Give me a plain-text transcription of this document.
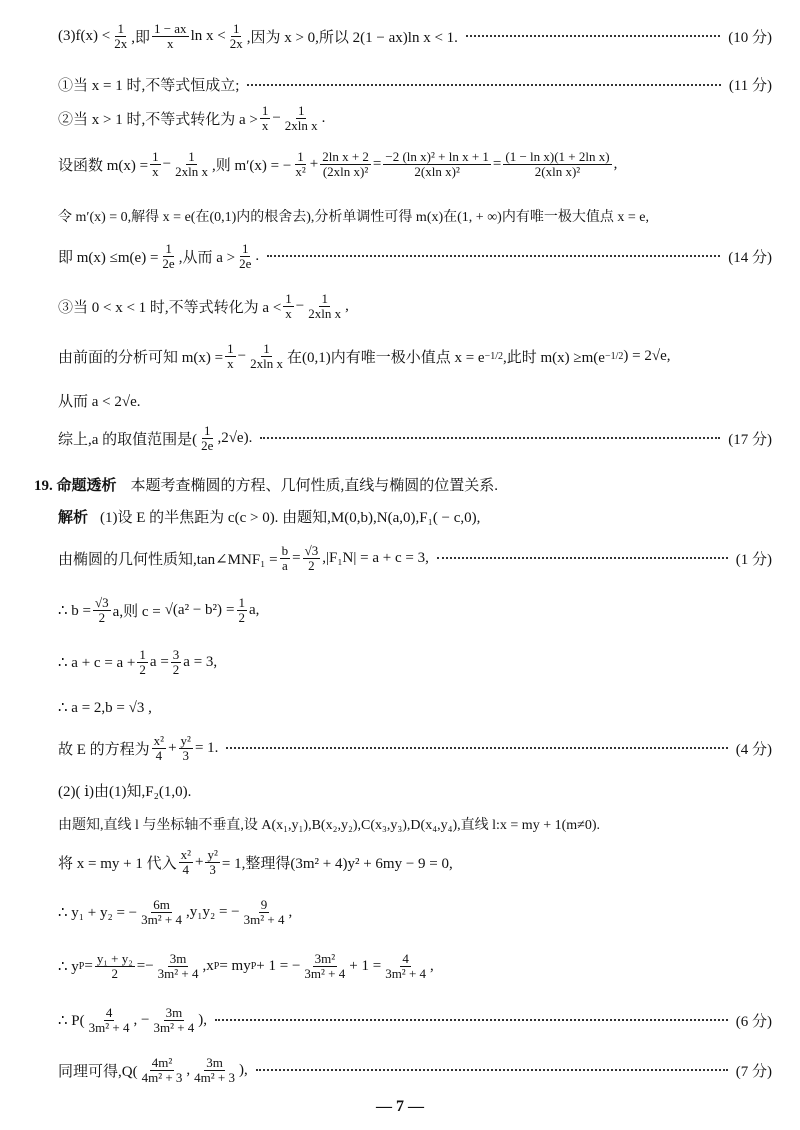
$(3)f(x) < \frac{1}{2x}$ ,即 $\frac{1 - ax}{x}$ $\ln x < \frac{1}{2x}$ ,因为 x > 0,所以 2(1 − ax)ln x < 1.	(10 分)
①当 x = 1 时,不等式恒成立;	(11 分)
②当 x > 1 时,不等式转化为 $a > \frac{1}{x} - \frac{1}{\text{2xln x}}$ .
设函数 $m(x) = \frac{1}{x} - \frac{1}{\text{2xln x}}$ ,则 m′(x) = − $\frac{1}{\text{x²}} + \frac{\text{2ln x + 2}}{\text{(2xln x)²}} = \frac{\text{−2 (ln x)² + ln x + 1}}{\text{2(xln x)²}} = \frac{\text{(1 − ln x)(1 + 2ln x)}}{\text{2(xln x)²}}$ ,
令 m′(x) = 0,解得 x = e(在(0,1)内的根舍去),分析单调性可得 m(x)在(1, + ∞)内有唯一极大值点 x = e,
即 $m(x) \le m(e) = \frac{1}{2e}$ ,从而 $a > \frac{1}{2e}$ .	(14 分)
③当 0 < x < 1 时,不等式转化为 $a < \frac{1}{x} - \frac{1}{\text{2xln x}}$ ,
由前面的分析可知 $m(x) = \frac{1}{x} - \frac{1}{\text{2xln x}}$ 在(0,1)内有唯一极小值点 x = e −1/2 ,此时 m(x) ≥m(e −1/2 ) = 2√e,
从而 a < 2√e.
综上,a 的取值范围是( $\frac{1}{2e} ,2√e$).	(17 分)
19. 命题透析 本题考查椭圆的方程、几何性质,直线与椭圆的位置关系.
解析 (1)设 E 的半焦距为 c(c > 0). 由题知,M(0,b),N(a,0),F₁( − c,0),
由椭圆的几何性质知,tan∠MNF₁ = $\frac{b}{a} = \frac{√3}{2} ,|F_1N| = a + c = 3$,	(1 分)
∴ $b = \frac{√3}{2} a$,则 $c = √(a^2 - b^2) = \frac{1}{2} a$,
∴ $a + c = a + \frac{1}{2}$ $a = \frac{3}{2}$ a = 3,
∴ a = 2,b = √3 ,
故 E 的方程为 $\frac{\text{x²}}{4} + \frac{\text{y²}}{3} = 1$.	(4 分)
(2)( ⅰ)由(1)知,F₂(1,0).
由题知,直线 l 与坐标轴不垂直,设 A(x₁,y₁),B(x₂,y₂),C(x₃,y₃),D(x₄,y₄),直线 l:x = my + 1(m≠0).
将 x = my + 1 代入 $\frac{\text{x²}}{4} + \frac{\text{y²}}{3} = 1$,整理得(3m² + 4)y² + 6my − 9 = 0,
∴ y₁ + y₂ = − $\frac{6m}{\text{3m² + 4}} ,y_1y_2$ = − $\frac{9}{\text{3m² + 4}}$ ,
∴ y $P = \frac{\text{y₁ + y₂}}{2}$ = − $\frac{3m}{\text{3m² + 4}} ,x$ P = my P + 1 = − $\frac{\text{3m²}}{\text{3m² + 4}} + 1 = \frac{4}{\text{3m² + 4}}$ ,
∴ $P( \frac{4}{\text{3m² + 4}}$ , − $\frac{3m}{\text{3m² + 4}}$ ),	(6 分)
同理可得$,Q( \frac{\text{4m²}}{\text{4m² + 3}}$ , $\frac{3m}{\text{4m² + 3}}$ ),	(7 分)
— 7 —
